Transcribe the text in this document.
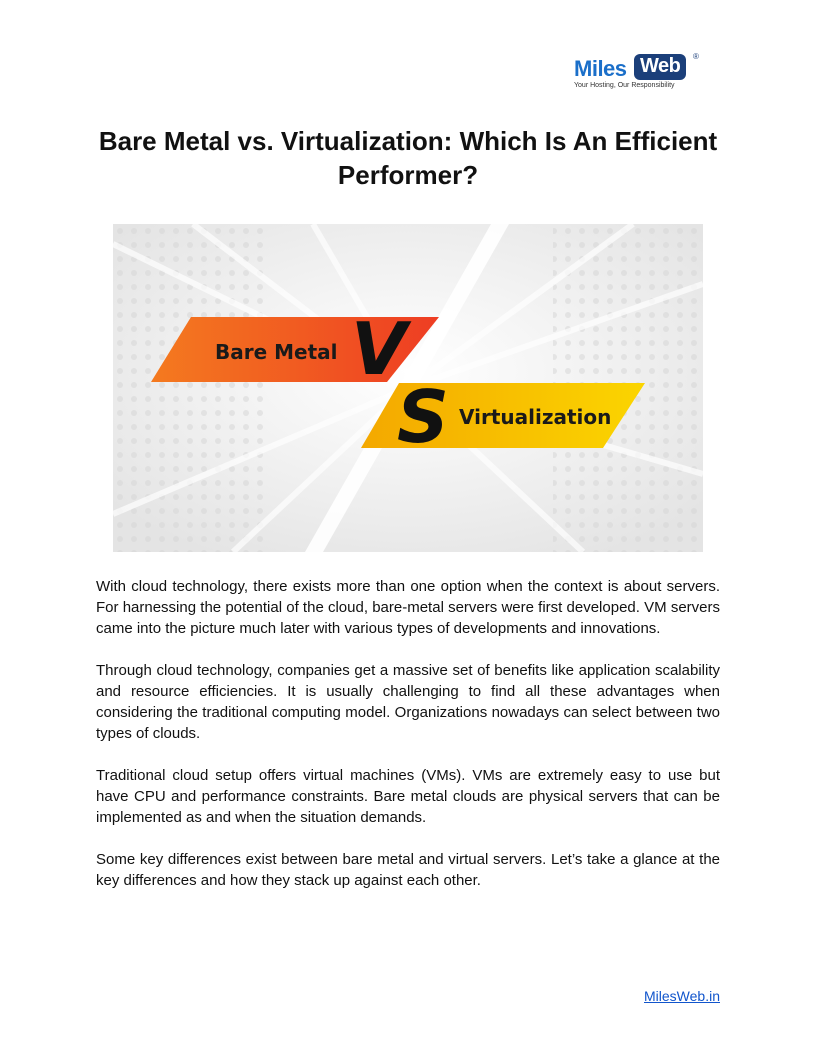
Miles Web	®
Your Hosting, Our Responsibility
Bare Metal vs. Virtualization: Which Is An Efficient Performer?
Bare Metal V
S Virtualization

With cloud technology, there exists more than one option when the context is about servers. For harnessing the potential of the cloud, bare-metal servers were first developed. VM servers came into the picture much later with various types of developments and innovations.

Through cloud technology, companies get a massive set of benefits like application scalability and resource efficiencies. It is usually challenging to find all these advantages when considering the traditional computing model. Organizations nowadays can select between two types of clouds.

Traditional cloud setup offers virtual machines (VMs). VMs are extremely easy to use but have CPU and performance constraints. Bare metal clouds are physical servers that can be implemented as and when the situation demands.

Some key differences exist between bare metal and virtual servers. Let’s take a glance at the key differences and how they stack up against each other.

MilesWeb.in
